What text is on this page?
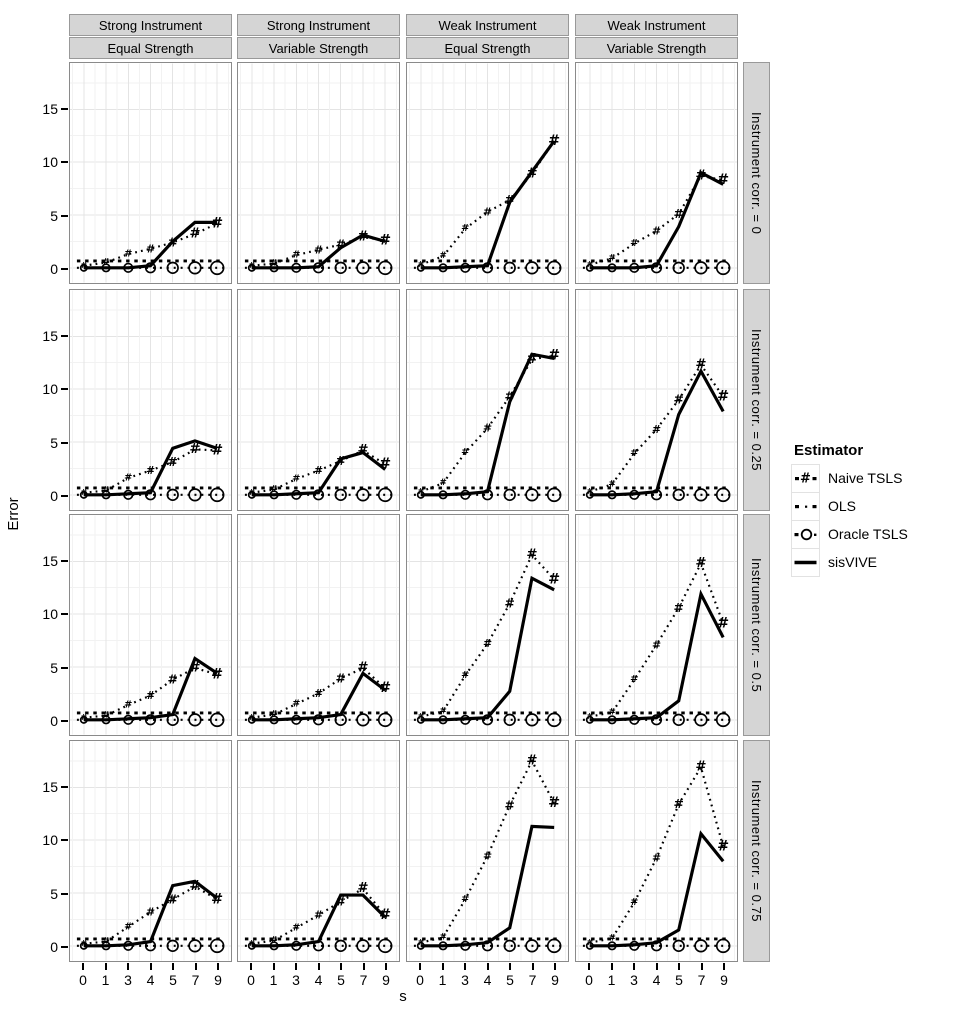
Error
Strong Instrument
Equal Strength
Strong Instrument
Variable Strength
Weak Instrument
Equal Strength
Weak Instrument
Variable Strength
Instrument corr. = 0
Instrument corr. = 0.25
Instrument corr. = 0.5
Instrument corr. = 0.75
0
5
10
15
0
5
10
15
0
5
10
15
0
5
10
15
0	1	3	4	5	7	9	0	1	3	4	5	7	9	0	1	3	4	5	7	9	0	1	3	4	5	7	9
# #
# # #
#
#
# #
# # # # #
#
#
#
#
#
#
#
#
#
#
#
#
# #
# #
#
#
#
# #
# #
#
#
#
#
#
#
#
#
#
#
# #
#
#
#
#
#
#
#
# #
#
#
#
# #
# #
#
#
#
#
#
#
#
#
#
#
#
#
# #
#
#
#
#
#
# #
#
#
#
#
#
# #
#
#
#
#
#
#
#
#
#
#
#
#
# #
#
#
#
#
#
s
Estimator
# Naive TSLS
OLS
Oracle TSLS
sisVIVE
